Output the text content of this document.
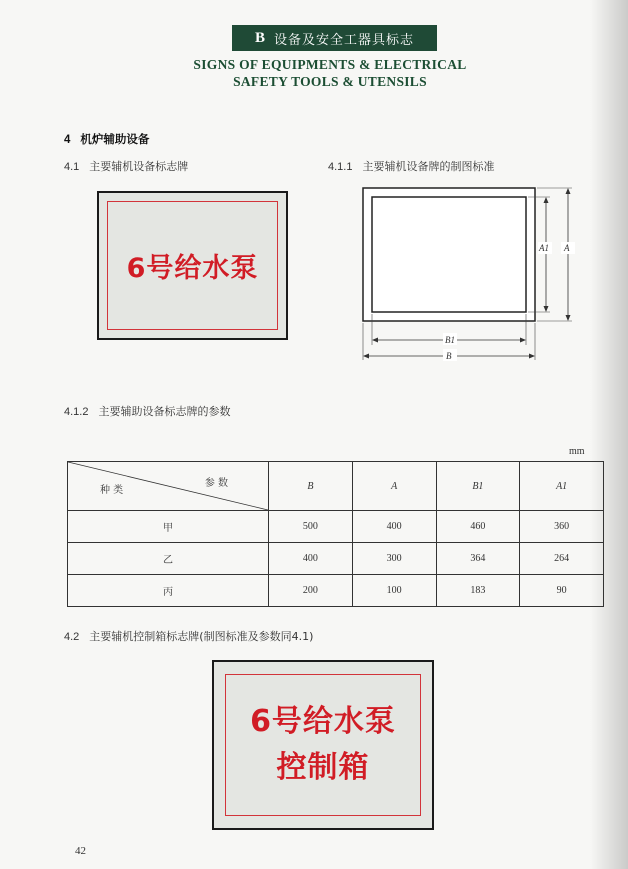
B 设备及安全工器具标志
SIGNS OF EQUIPMENTS & ELECTRICAL
SAFETY TOOLS & UTENSILS
4 机炉辅助设备
4.1 主要辅机设备标志牌	4.1.1 主要辅机设备牌的制图标准
6号给水泵
A1 A
B1
B
4.1.2 主要辅助设备标志牌的参数
mm
参 数
种 类	B	A	B1	A1
甲	500	400	460	360
乙	400	300	364	264
丙	200	100	183	90
4.2 主要辅机控制箱标志牌(制图标准及参数同4.1)
6号给水泵
控制箱
42
